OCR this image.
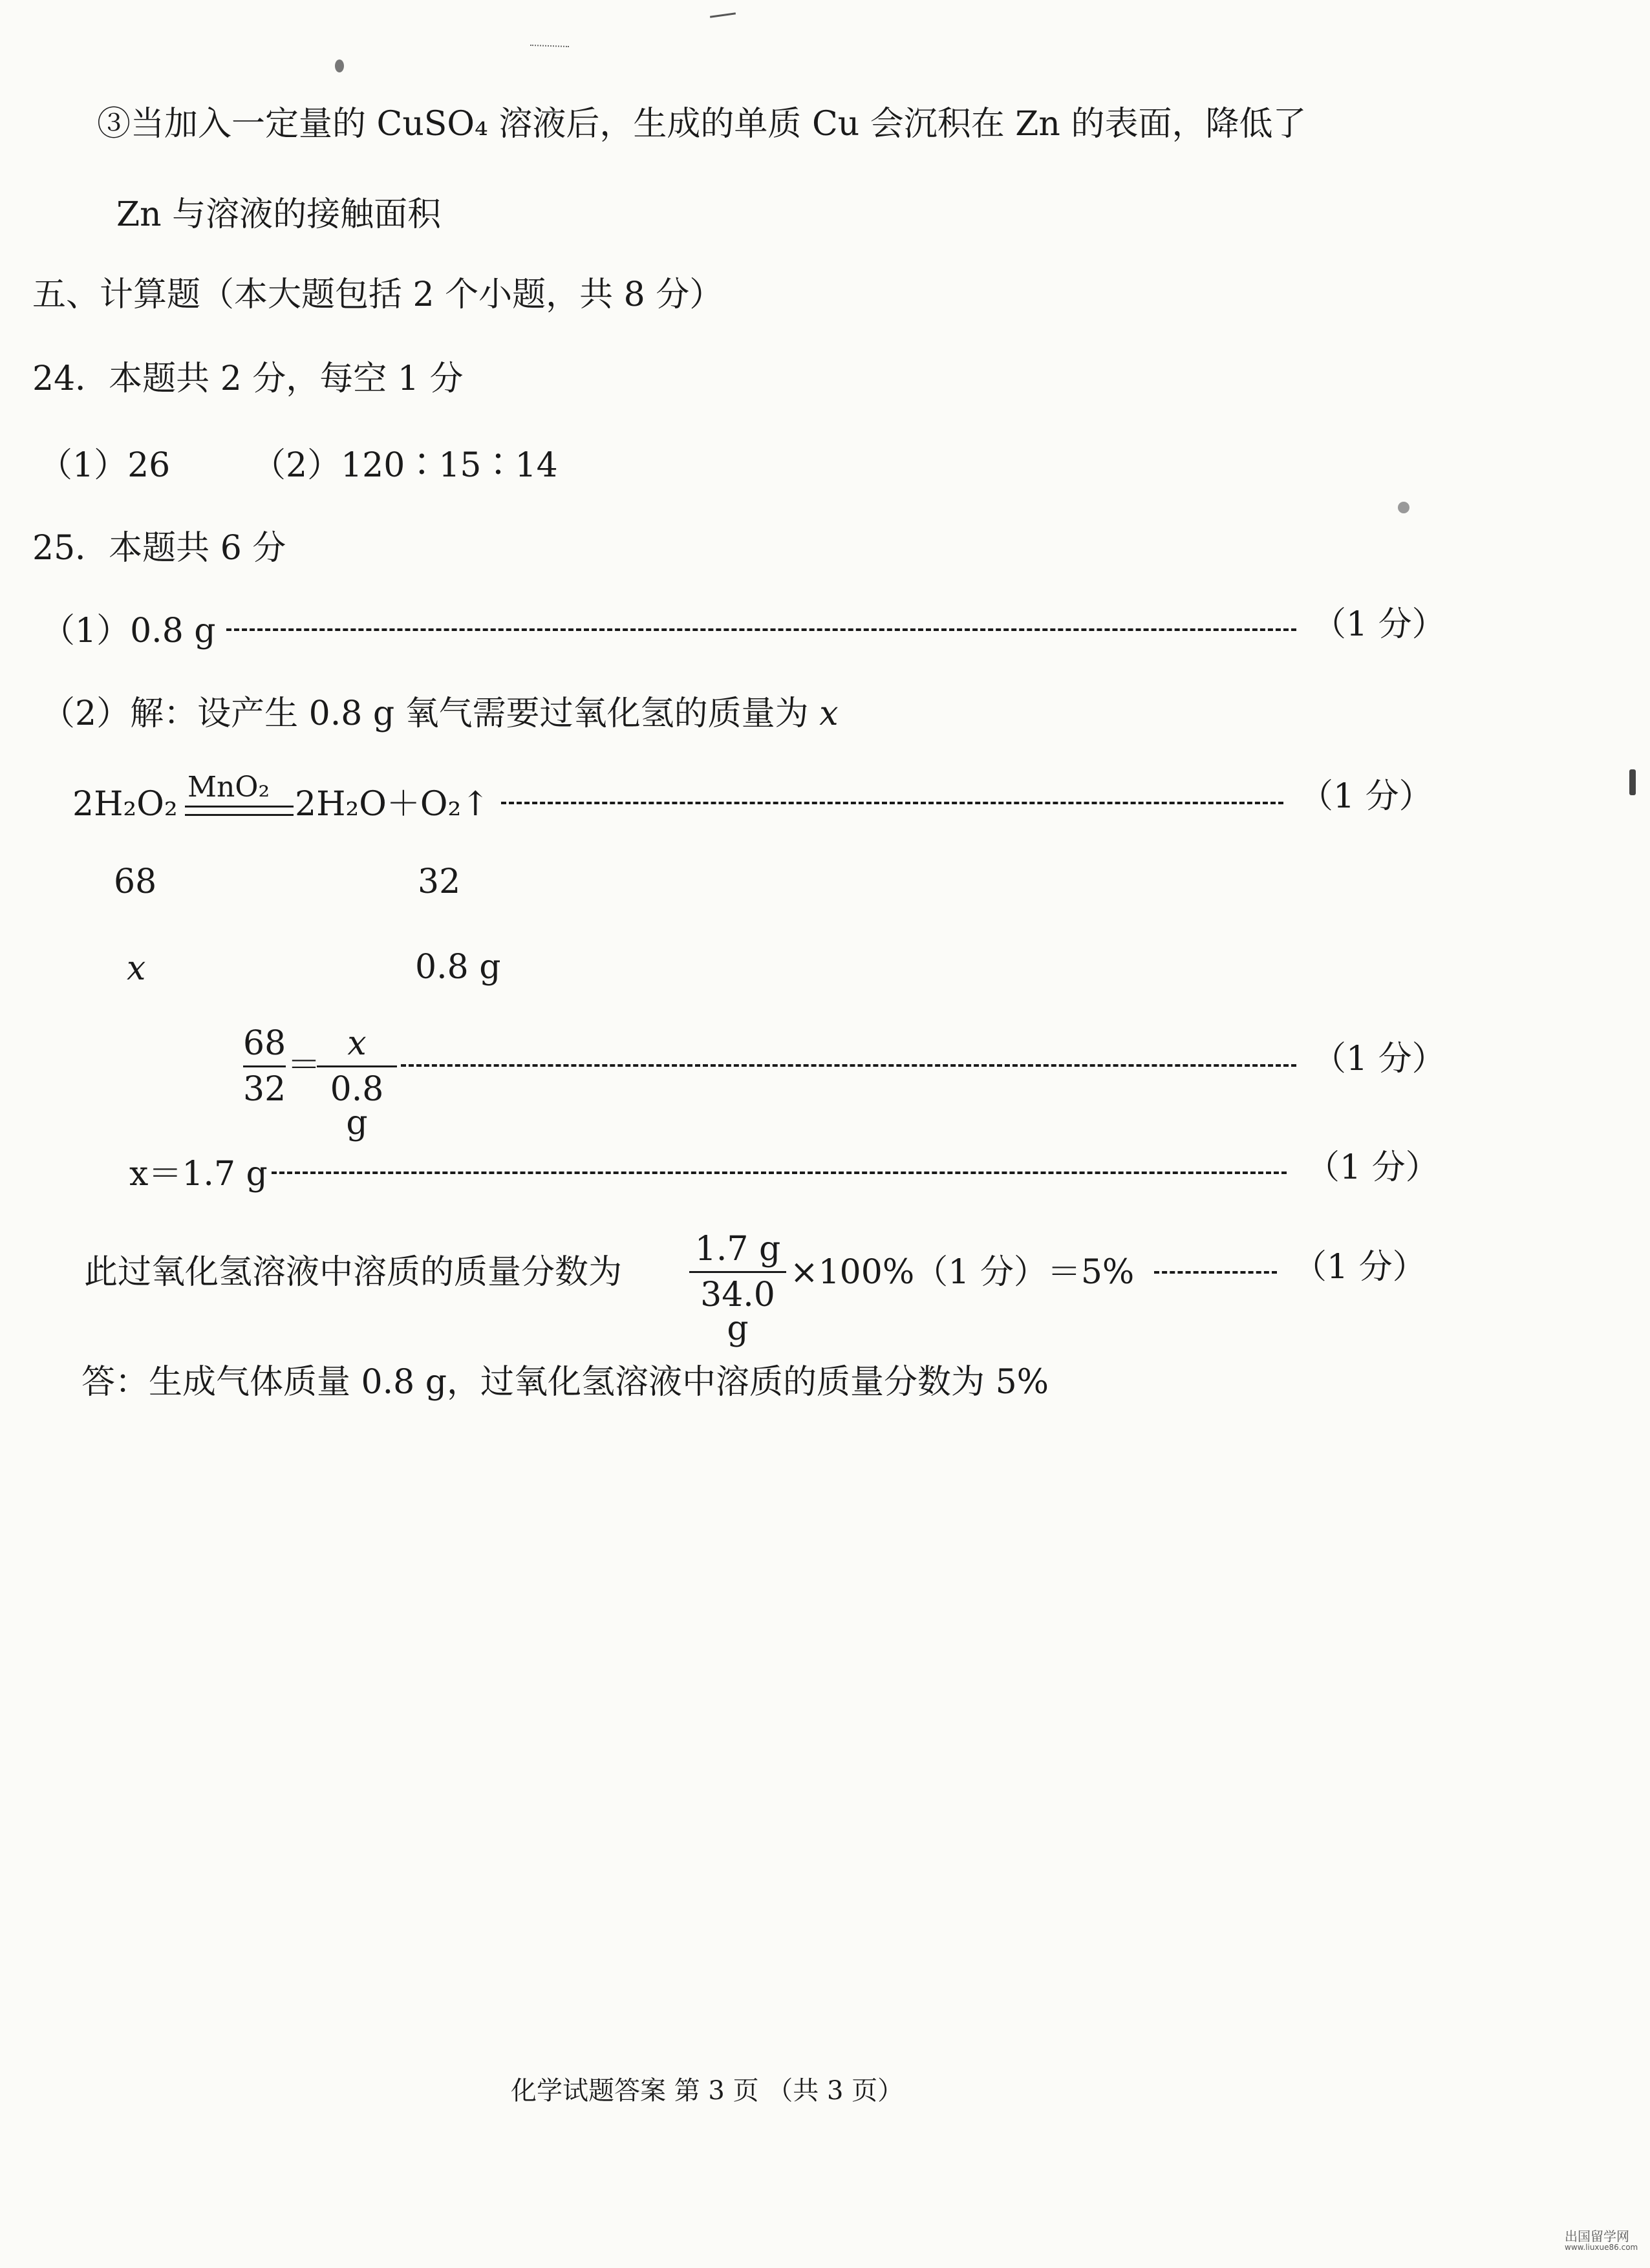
③当加入一定量的 CuSO₄ 溶液后，生成的单质 Cu 会沉积在 Zn 的表面，降低了
Zn 与溶液的接触面积
五、计算题（本大题包括 2 个小题，共 8 分）
24．本题共 2 分，每空 1 分
（1）26 （2）120∶15∶14
25．本题共 6 分
（1）0.8 g	（1 分）
（2）解：设产生 0.8 g 氧气需要过氧化氢的质量为 x
2H₂O₂ MnO₂ 2H₂O＋O₂↑	（1 分）
68	32
x	0.8 g
68
32
＝
x
0.8 g
（1 分）
x＝1.7 g	（1 分）
此过氧化氢溶液中溶质的质量分数为
1.7 g
34.0 g
×100%（1 分）＝5%	（1 分）
答：生成气体质量 0.8 g，过氧化氢溶液中溶质的质量分数为 5%
化学试题答案 第 3 页 （共 3 页）
出国留学网
www.liuxue86.com
